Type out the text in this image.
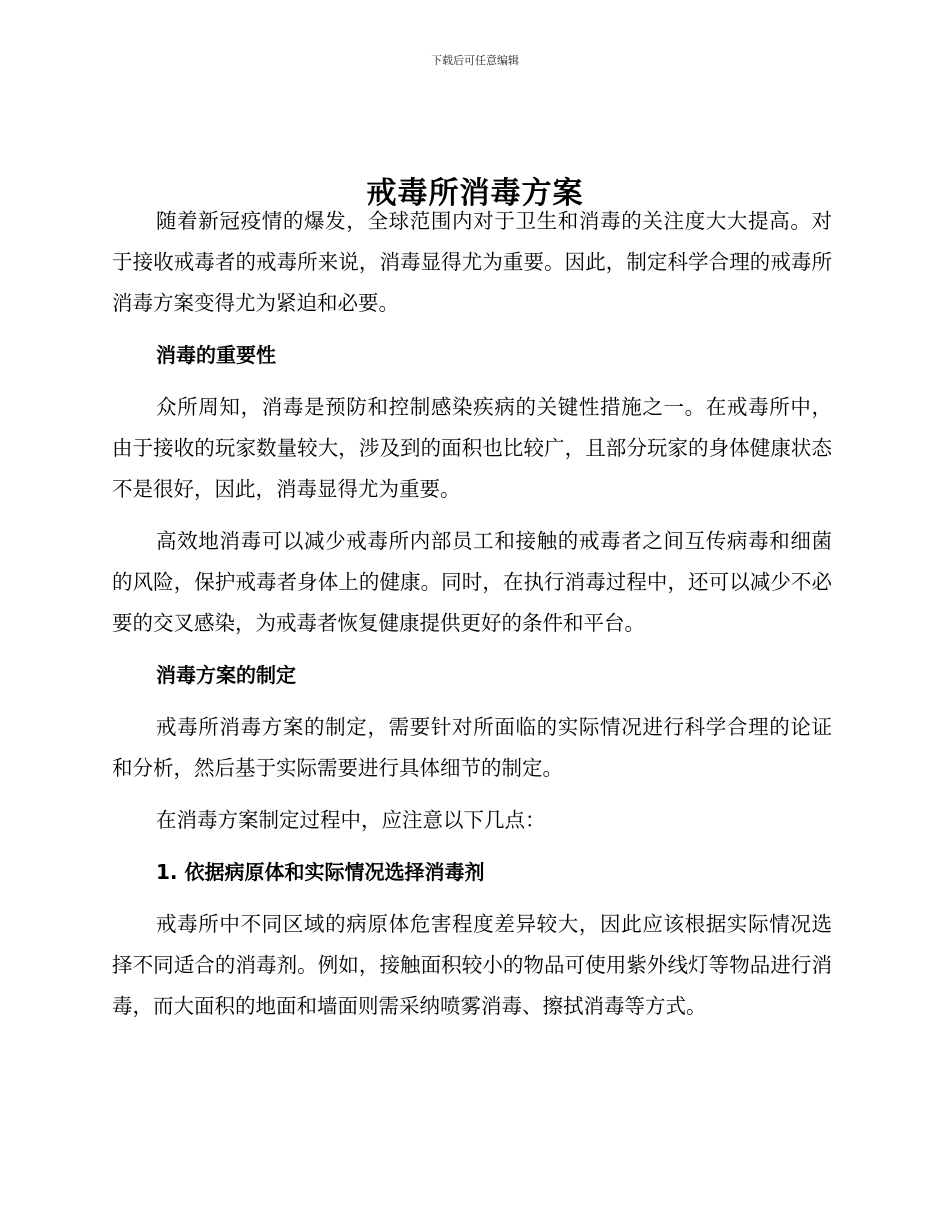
下载后可任意编辑
戒毒所消毒方案

随着新冠疫情的爆发，全球范围内对于卫生和消毒的关注度大大提高。对于接收戒毒者的戒毒所来说，消毒显得尤为重要。因此，制定科学合理的戒毒所消毒方案变得尤为紧迫和必要。

消毒的重要性

众所周知，消毒是预防和控制感染疾病的关键性措施之一。在戒毒所中，由于接收的玩家数量较大，涉及到的面积也比较广，且部分玩家的身体健康状态不是很好，因此，消毒显得尤为重要。

高效地消毒可以减少戒毒所内部员工和接触的戒毒者之间互传病毒和细菌的风险，保护戒毒者身体上的健康。同时，在执行消毒过程中，还可以减少不必要的交叉感染，为戒毒者恢复健康提供更好的条件和平台。

消毒方案的制定

戒毒所消毒方案的制定，需要针对所面临的实际情况进行科学合理的论证和分析，然后基于实际需要进行具体细节的制定。

在消毒方案制定过程中，应注意以下几点：

1. 依据病原体和实际情况选择消毒剂

戒毒所中不同区域的病原体危害程度差异较大，因此应该根据实际情况选择不同适合的消毒剂。例如，接触面积较小的物品可使用紫外线灯等物品进行消毒，而大面积的地面和墙面则需采纳喷雾消毒、擦拭消毒等方式。
